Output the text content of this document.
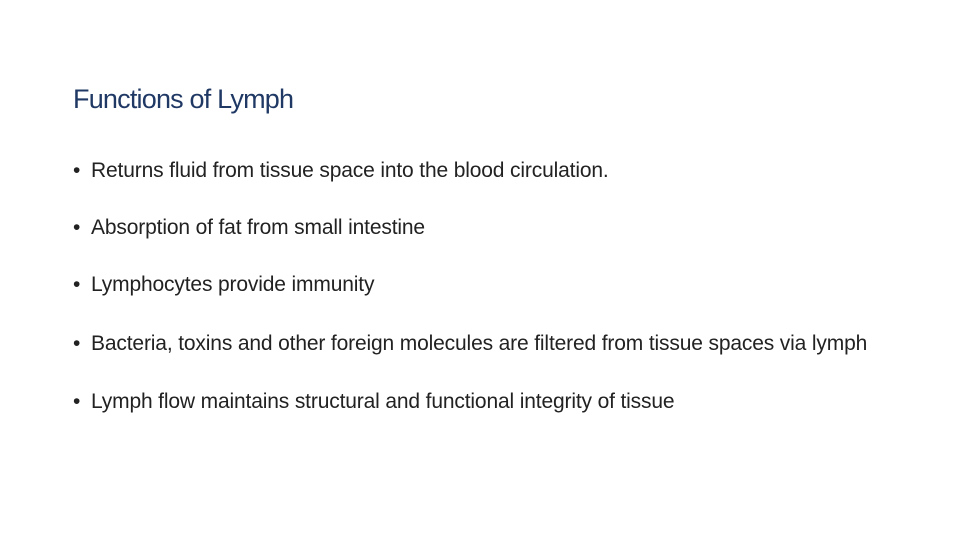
Functions of Lymph
• Returns fluid from tissue space into the blood circulation.
• Absorption of fat from small intestine
• Lymphocytes provide immunity
• Bacteria, toxins and other foreign molecules are filtered from tissue spaces via lymph
• Lymph flow maintains structural and functional integrity of tissue
